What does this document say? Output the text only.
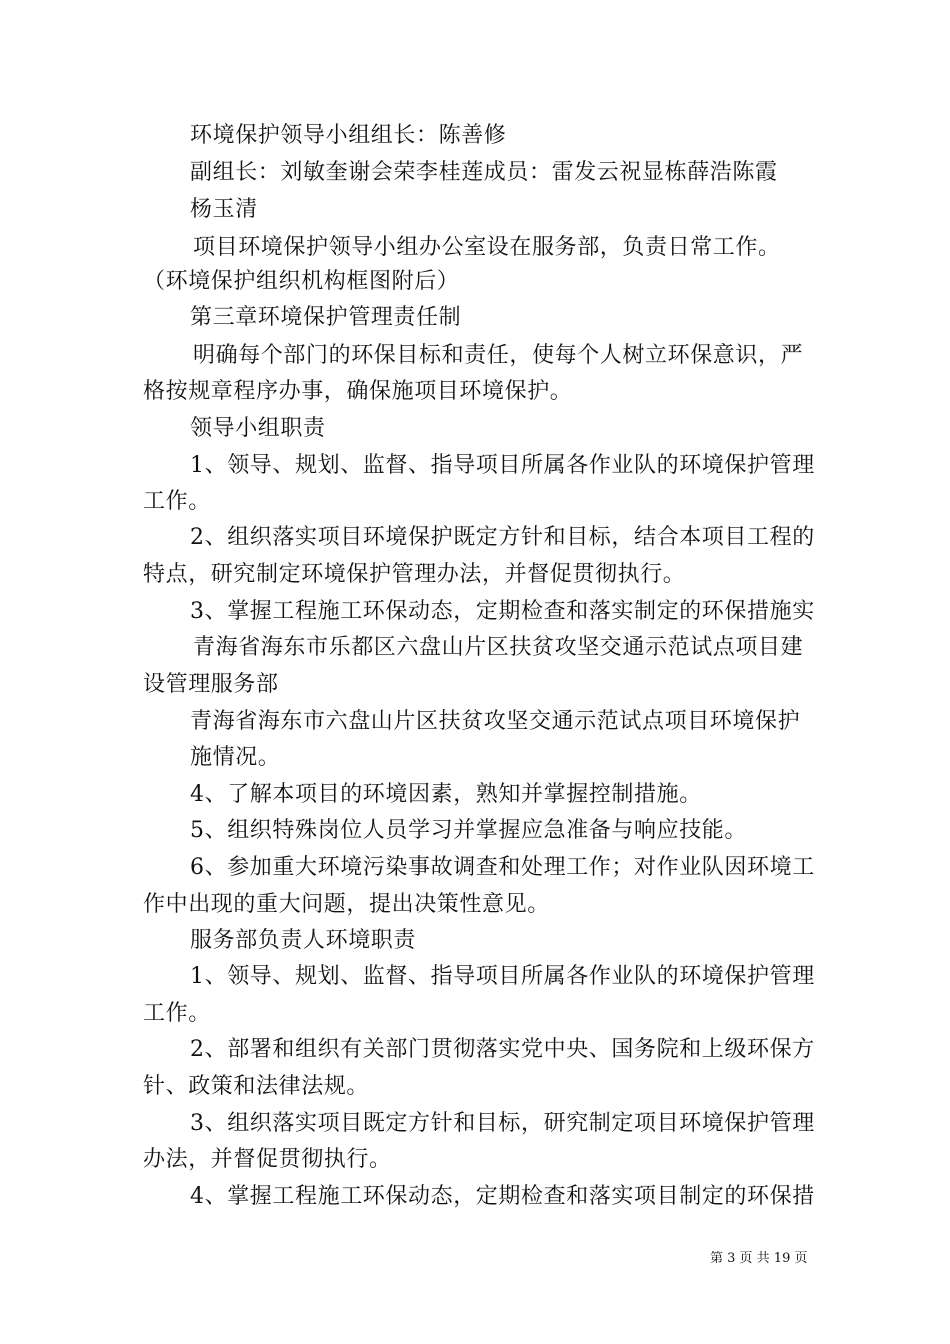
环境保护领导小组组长：陈善修
副组长：刘敏奎谢会荣李桂莲成员：雷发云祝显栋薛浩陈霞
杨玉清
项目环境保护领导小组办公室设在服务部，负责日常工作。
（环境保护组织机构框图附后）
第三章环境保护管理责任制
明确每个部门的环保目标和责任，使每个人树立环保意识，严
格按规章程序办事，确保施项目环境保护。
领导小组职责
1、领导、规划、监督、指导项目所属各作业队的环境保护管理
工作。
2、组织落实项目环境保护既定方针和目标，结合本项目工程的
特点，研究制定环境保护管理办法，并督促贯彻执行。
3、掌握工程施工环保动态，定期检查和落实制定的环保措施实
青海省海东市乐都区六盘山片区扶贫攻坚交通示范试点项目建
设管理服务部
青海省海东市六盘山片区扶贫攻坚交通示范试点项目环境保护
施情况。
4、了解本项目的环境因素，熟知并掌握控制措施。
5、组织特殊岗位人员学习并掌握应急准备与响应技能。
6、参加重大环境污染事故调查和处理工作；对作业队因环境工
作中出现的重大问题，提出决策性意见。
服务部负责人环境职责
1、领导、规划、监督、指导项目所属各作业队的环境保护管理
工作。
2、部署和组织有关部门贯彻落实党中央、国务院和上级环保方
针、政策和法律法规。
3、组织落实项目既定方针和目标，研究制定项目环境保护管理
办法，并督促贯彻执行。
4、掌握工程施工环保动态，定期检查和落实项目制定的环保措
第 3 页 共 19 页
